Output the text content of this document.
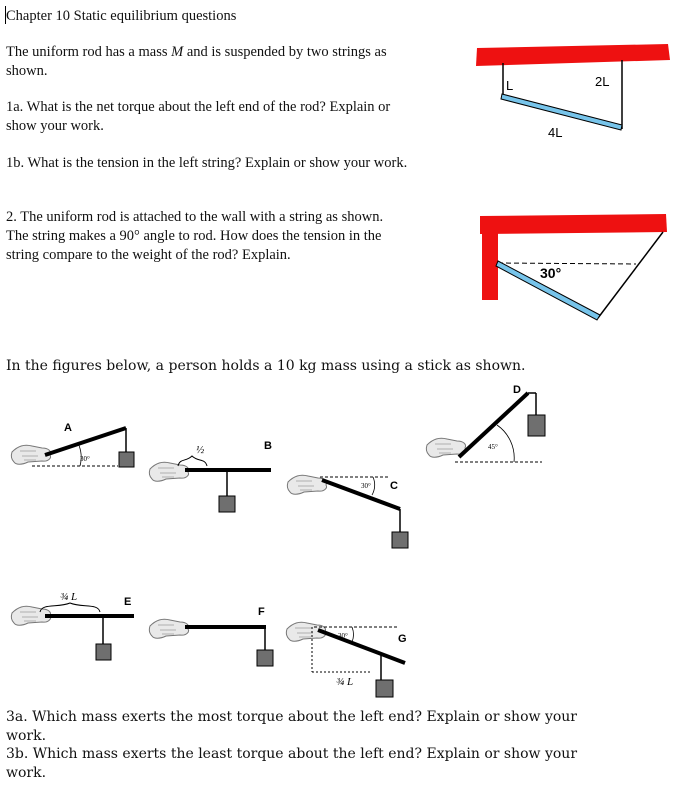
Chapter 10 Static equilibrium questions
The uniform rod has a mass M and is suspended by two strings as
shown.
1a. What is the net torque about the left end of the rod? Explain or
show your work.
1b. What is the tension in the left string? Explain or show your work.
2. The uniform rod is attached to the wall with a string as shown.
The string makes a 90° angle to rod. How does the tension in the
string compare to the weight of the rod? Explain.
In the figures below, a person holds a 10 kg mass using a stick as shown.
3a. Which mass exerts the most torque about the left end? Explain or show your
work.
3b. Which mass exerts the least torque about the left end? Explain or show your
work.
L	2L
4L
30°
A
30°
½	B
30° C
45°
D
¾ L	E
F
30°	G
¾ L
